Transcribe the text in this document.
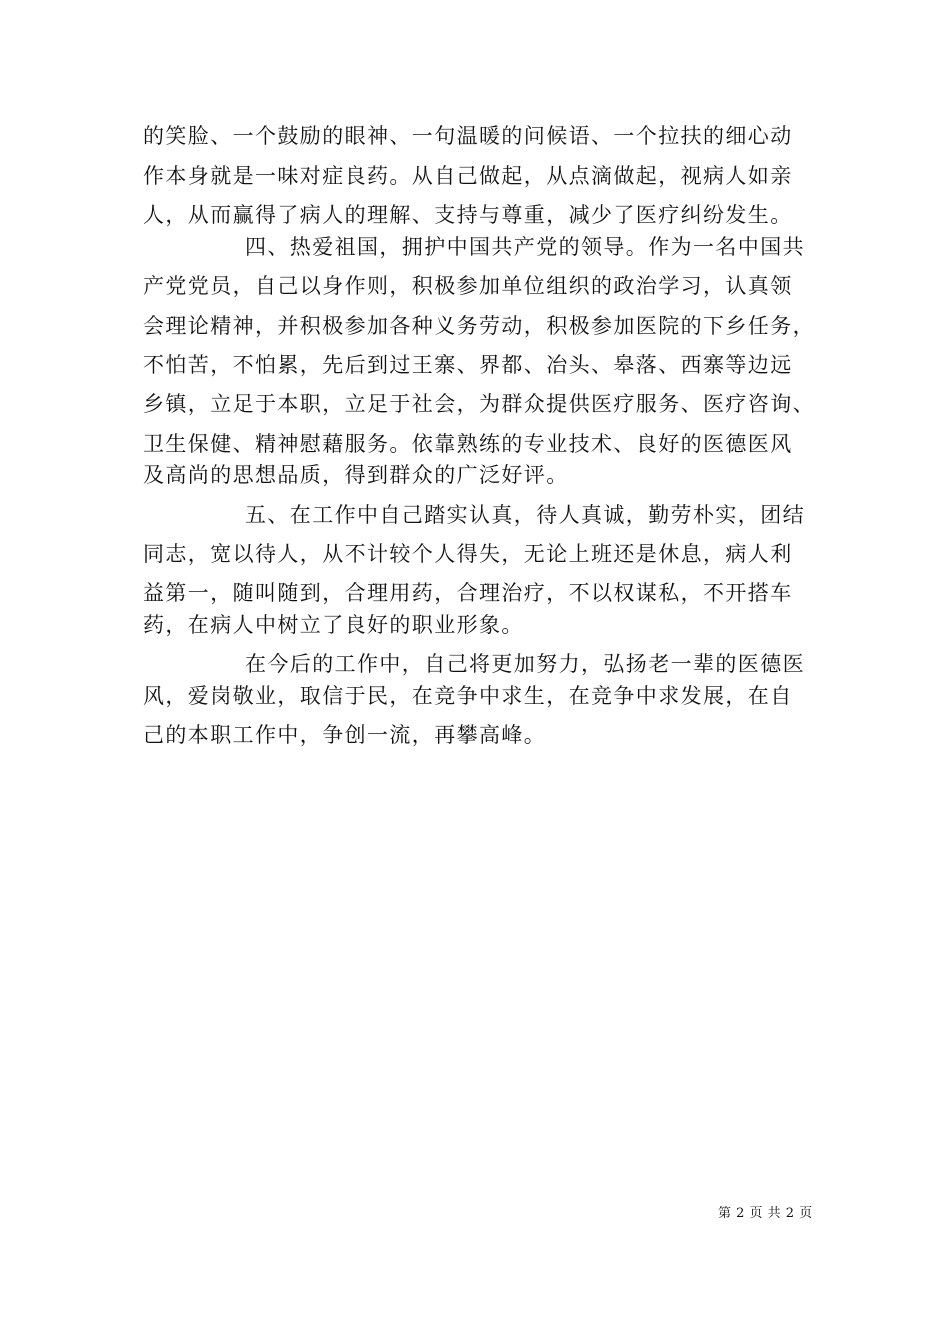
的笑脸、一个鼓励的眼神、一句温暖的问候语、一个拉扶的细心动
作本身就是一味对症良药。从自己做起，从点滴做起，视病人如亲
人，从而赢得了病人的理解、支持与尊重，减少了医疗纠纷发生。
四、热爱祖国，拥护中国共产党的领导。作为一名中国共
产党党员，自己以身作则，积极参加单位组织的政治学习，认真领
会理论精神，并积极参加各种义务劳动，积极参加医院的下乡任务，
不怕苦，不怕累，先后到过王寨、界都、冶头、皋落、西寨等边远
乡镇，立足于本职，立足于社会，为群众提供医疗服务、医疗咨询、
卫生保健、精神慰藉服务。依靠熟练的专业技术、良好的医德医风
及高尚的思想品质，得到群众的广泛好评。
五、在工作中自己踏实认真，待人真诚，勤劳朴实，团结
同志，宽以待人，从不计较个人得失，无论上班还是休息，病人利
益第一，随叫随到，合理用药，合理治疗，不以权谋私，不开搭车
药，在病人中树立了良好的职业形象。
在今后的工作中，自己将更加努力，弘扬老一辈的医德医
风，爱岗敬业，取信于民，在竞争中求生，在竞争中求发展，在自
己的本职工作中，争创一流，再攀高峰。
第 2 页 共 2 页
